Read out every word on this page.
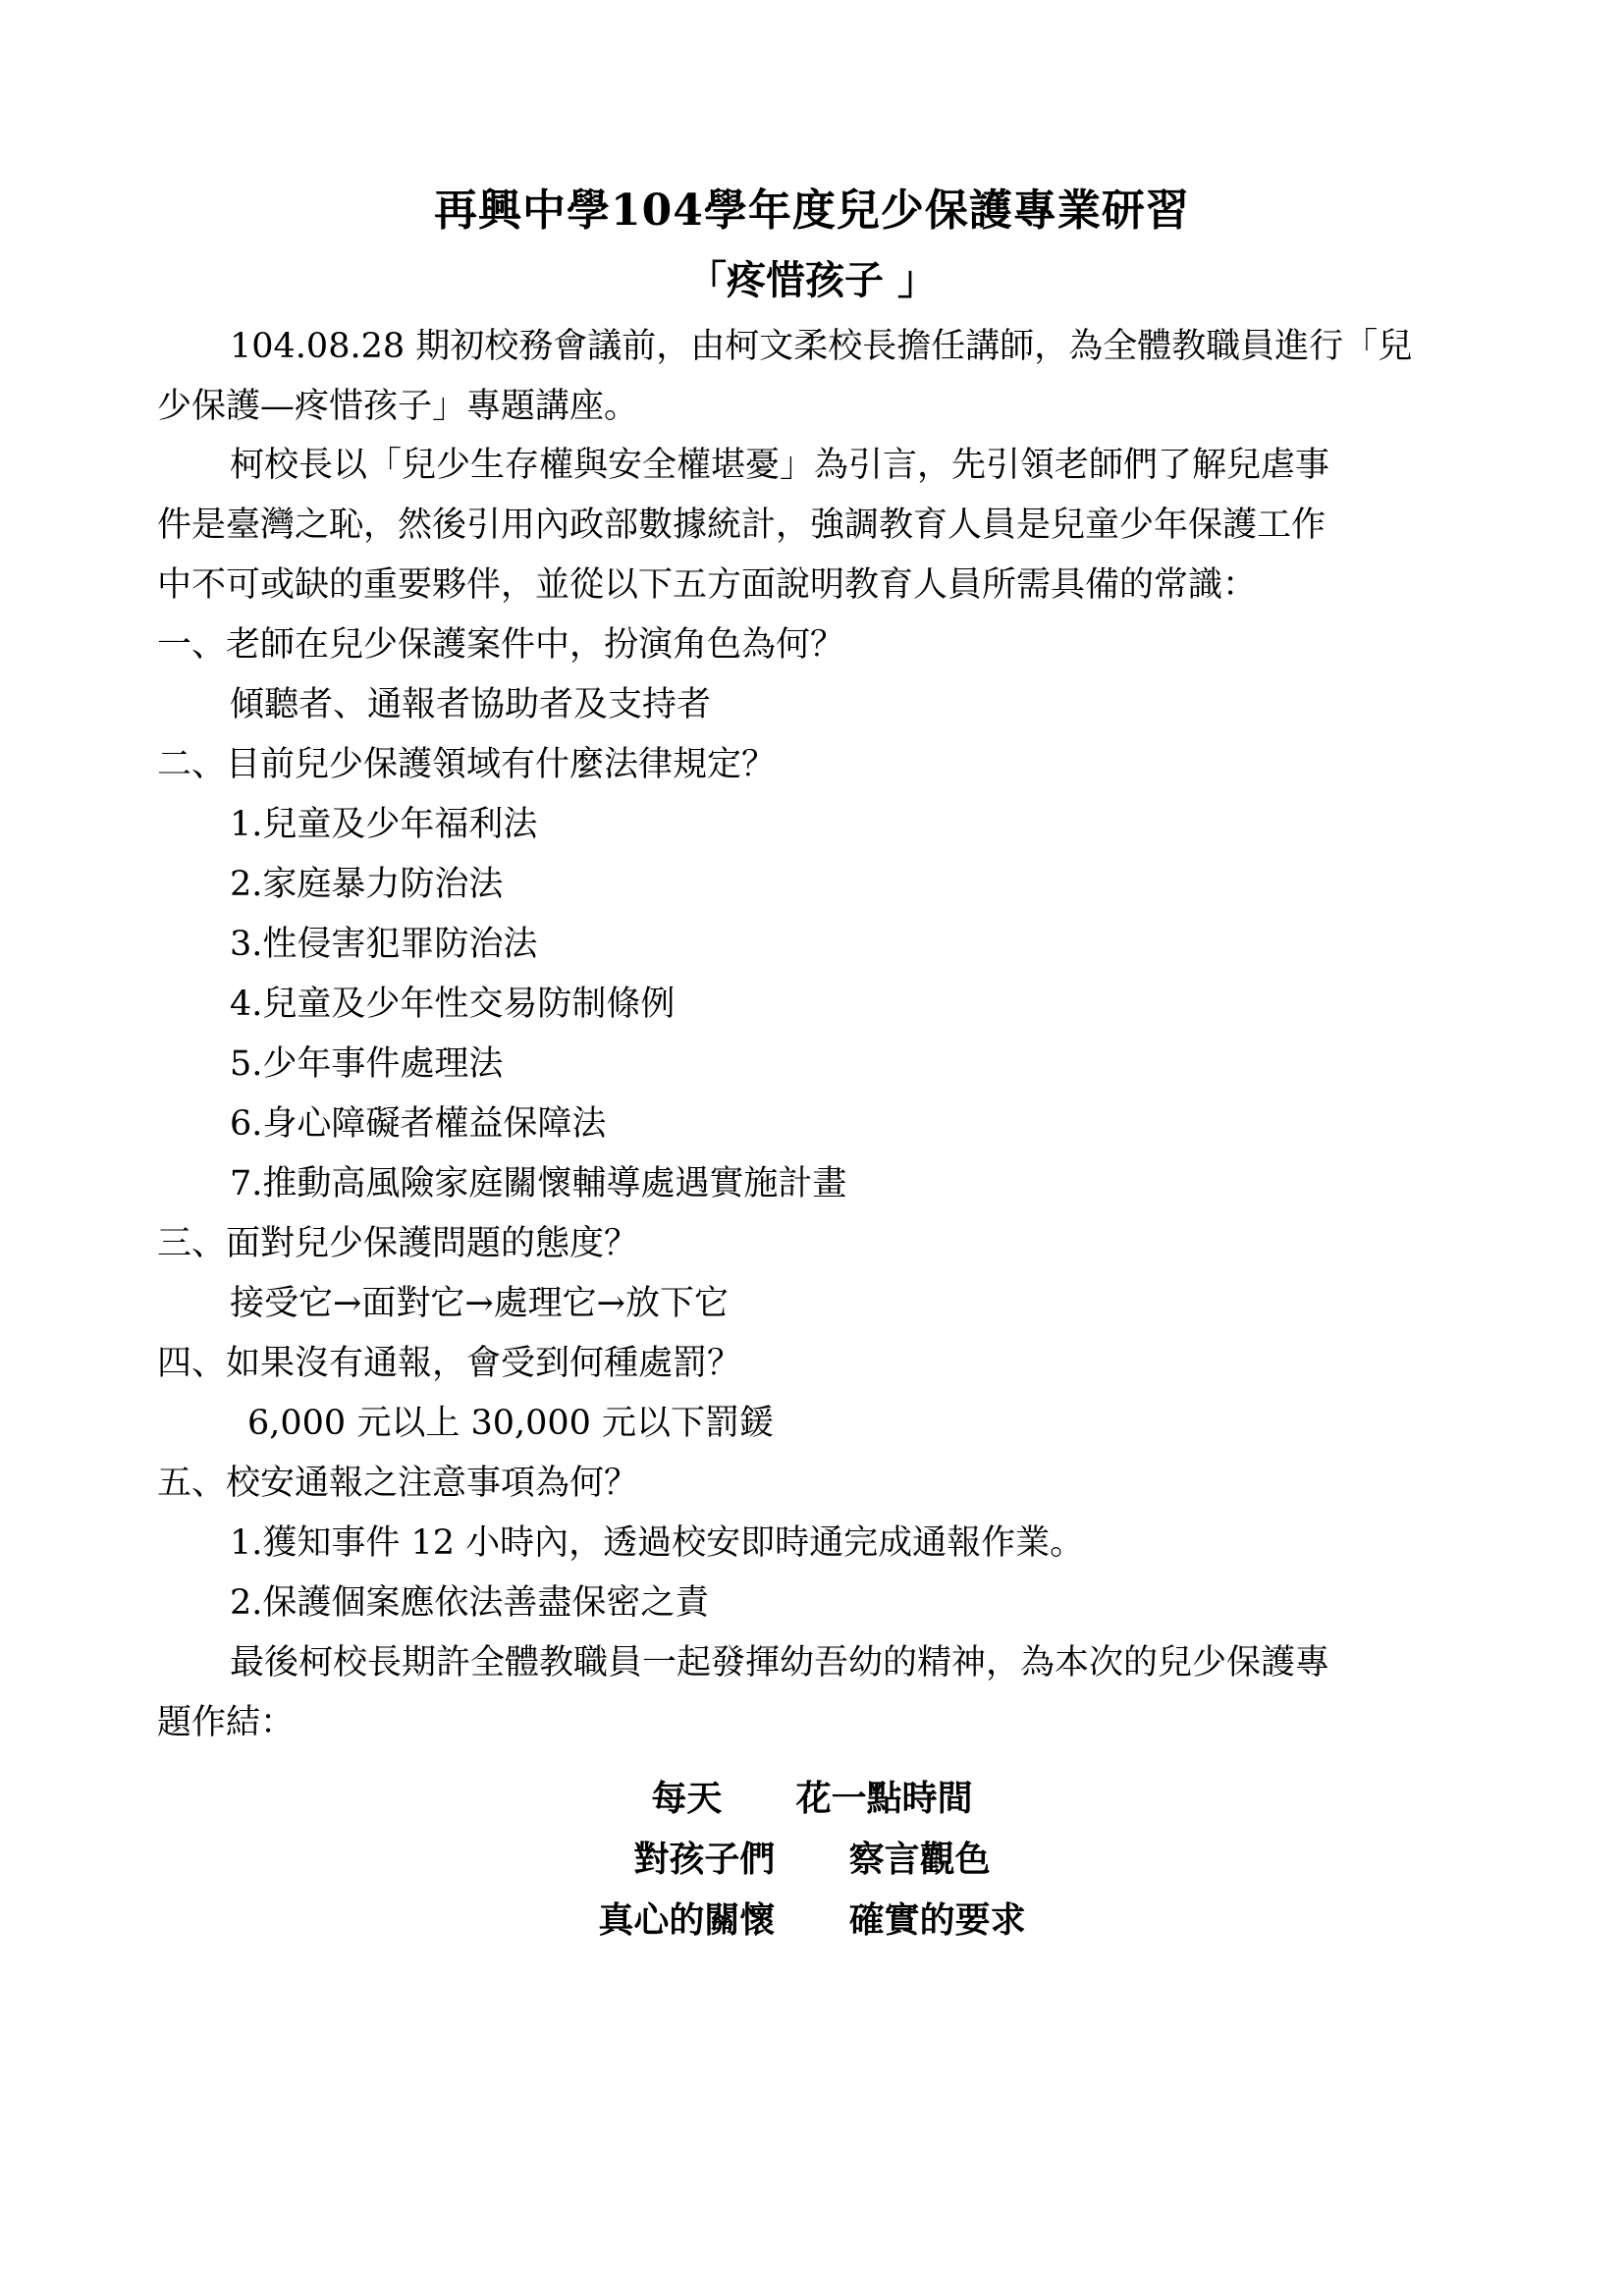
再興中學104學年度兒少保護專業研習
「疼惜孩子 」

104.08.28 期初校務會議前，由柯文柔校長擔任講師，為全體教職員進行「兒

少保護—疼惜孩子」專題講座。

柯校長以「兒少生存權與安全權堪憂」為引言，先引領老師們了解兒虐事

件是臺灣之恥，然後引用內政部數據統計，強調教育人員是兒童少年保護工作

中不可或缺的重要夥伴，並從以下五方面說明教育人員所需具備的常識：

一、老師在兒少保護案件中，扮演角色為何？

傾聽者、通報者協助者及支持者

二、目前兒少保護領域有什麼法律規定？

1.兒童及少年福利法

2.家庭暴力防治法

3.性侵害犯罪防治法

4.兒童及少年性交易防制條例

5.少年事件處理法

6.身心障礙者權益保障法

7.推動高風險家庭關懷輔導處遇實施計畫

三、面對兒少保護問題的態度？

接受它→面對它→處理它→放下它

四、如果沒有通報，會受到何種處罰？

6,000 元以上 30,000 元以下罰鍰

五、校安通報之注意事項為何？

1.獲知事件 12 小時內，透過校安即時通完成通報作業。

2.保護個案應依法善盡保密之責

最後柯校長期許全體教職員一起發揮幼吾幼的精神，為本次的兒少保護專

題作結：

每天      花一點時間

對孩子們      察言觀色

真心的關懷      確實的要求
